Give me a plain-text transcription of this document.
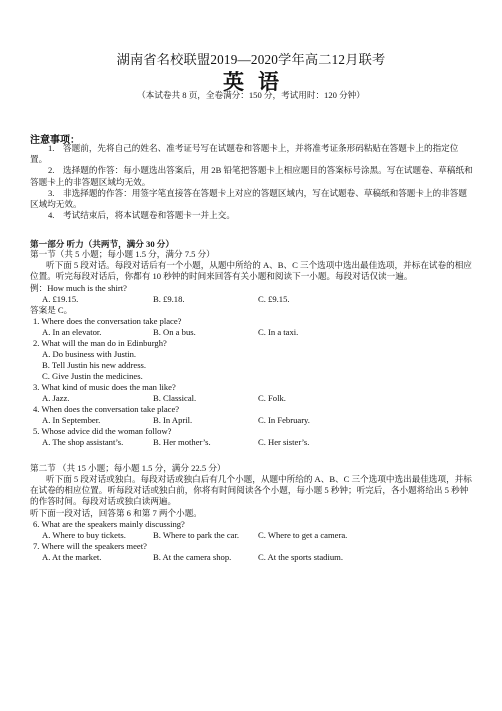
湖南省名校联盟2019—2020学年高二12月联考
英语
（本试卷共 8 页，全卷满分：150 分，考试用时：120 分钟）
注意事项：

1.　答题前，先将自己的姓名、准考证号写在试题卷和答题卡上，并将准考证条形码粘贴在答题卡上的指定位置。

2.　选择题的作答：每小题选出答案后，用 2B 铅笔把答题卡上相应题目的答案标号涂黑。写在试题卷、草稿纸和答题卡上的非答题区域均无效。

3.　非选择题的作答：用签字笔直接答在答题卡上对应的答题区域内，写在试题卷、草稿纸和答题卡上的非答题区域均无效。

4.　考试结束后，将本试题卷和答题卡一并上交。

第一部分 听力（共两节，满分 30 分）
第一节（共 5 小题；每小题 1.5 分，满分 7.5 分）
听下面 5 段对话。每段对话后有一个小题，从题中所给的 A、B、C 三个选项中选出最佳选项，并标在试卷的相应位置。听完每段对话后，你都有 10 秒钟的时间来回答有关小题和阅读下一小题。每段对话仅读一遍。
例：How much is the shirt?
A. £19.15.	B. £9.18.	C. £9.15.
答案是 C。
1. Where does the conversation take place?
A. In an elevator.	B. On a bus.	C. In a taxi.
2. What will the man do in Edinburgh?
A. Do business with Justin.
B. Tell Justin his new address.
C. Give Justin the medicines.
3. What kind of music does the man like?
A. Jazz.	B. Classical.	C. Folk.
4. When does the conversation take place?
A. In September.	B. In April.	C. In February.
5. Whose advice did the woman follow?
A. The shop assistant’s.	B. Her mother’s.	C. Her sister’s.
第二节 （共 15 小题；每小题 1.5 分，满分 22.5 分）
听下面 5 段对话或独白。每段对话或独白后有几个小题，从题中所给的 A、B、C 三个选项中选出最佳选项，并标在试卷的相应位置。听每段对话或独白前，你将有时间阅读各个小题，每小题 5 秒钟；听完后，各小题将给出 5 秒钟的作答时间。每段对话或独白读两遍。
听下面一段对话，回答第 6 和第 7 两个小题。
6. What are the speakers mainly discussing?
A. Where to buy tickets.	B. Where to park the car. C. Where to get a camera.
7. Where will the speakers meet?
A. At the market.	B. At the camera shop.	C. At the sports stadium.
